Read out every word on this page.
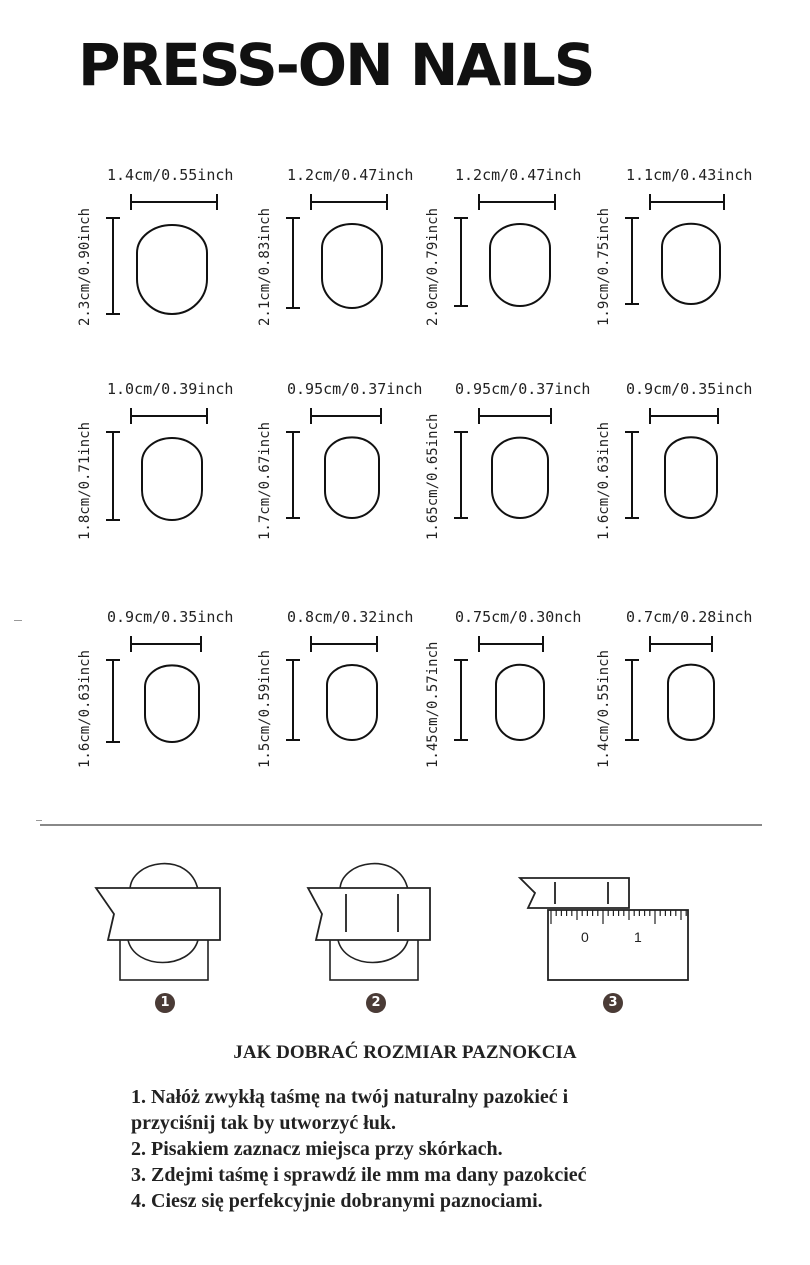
PRESS-ON NAILS
1.4cm/0.55inch
2.3cm/0.90inch
1.2cm/0.47inch
2.1cm/0.83inch
1.2cm/0.47inch
2.0cm/0.79inch
1.1cm/0.43inch
1.9cm/0.75inch
1.0cm/0.39inch
1.8cm/0.71inch
0.95cm/0.37inch
1.7cm/0.67inch
0.95cm/0.37inch
1.65cm/0.65inch
0.9cm/0.35inch
1.6cm/0.63inch
0.9cm/0.35inch
1.6cm/0.63inch
0.8cm/0.32inch
1.5cm/0.59inch
0.75cm/0.30nch
1.45cm/0.57inch
0.7cm/0.28inch
1.4cm/0.55inch
0	1
1	2	3
JAK DOBRAĆ ROZMIAR PAZNOKCIA
1. Nałóż zwykłą taśmę na twój naturalny pazokieć i
przyciśnij tak by utworzyć łuk.
2. Pisakiem zaznacz miejsca przy skórkach.
3. Zdejmi taśmę i sprawdź ile mm ma dany pazokcieć
4. Ciesz się perfekcyjnie dobranymi paznociami.
